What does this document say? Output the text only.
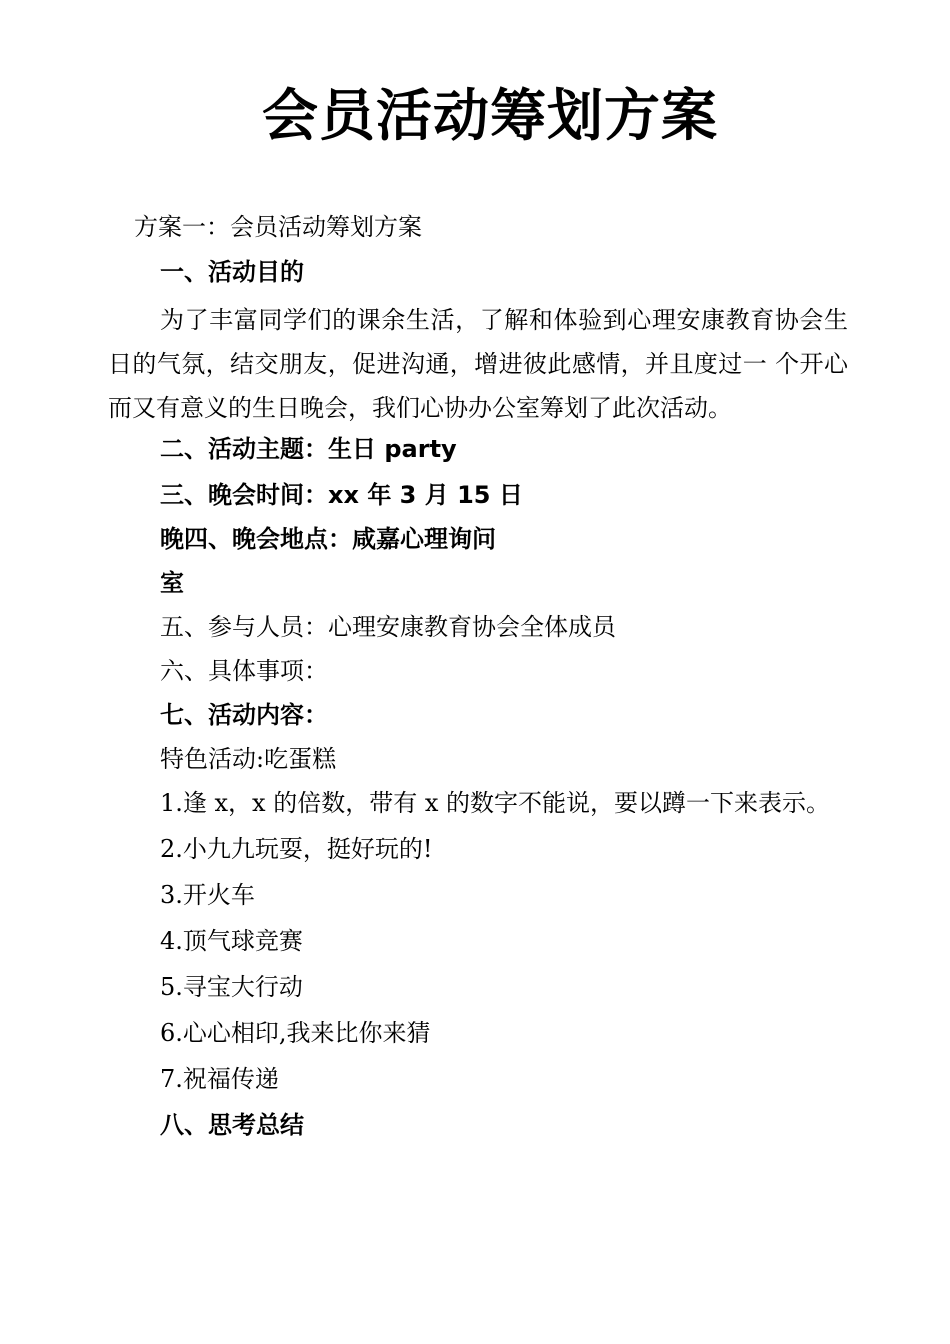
会员活动筹划方案
方案一：会员活动筹划方案
一、活动目的
为了丰富同学们的课余生活，了解和体验到心理安康教育协会生日的气氛，结交朋友，促进沟通，增进彼此感情，并且度过一 个开心而又有意义的生日晚会，我们心协办公室筹划了此次活动。
二、活动主题：生日 party
三、晚会时间：xx 年 3 月 15 日
晚四、晚会地点：咸嘉心理询问
室
五、参与人员：心理安康教育协会全体成员
六、具体事项：
七、活动内容：
特色活动:吃蛋糕
1.逢 x，x 的倍数，带有 x 的数字不能说，要以蹲一下来表示。
2.小九九玩耍，挺好玩的!
3.开火车
4.顶气球竞赛
5.寻宝大行动
6.心心相印,我来比你来猜
7.祝福传递
八、思考总结
